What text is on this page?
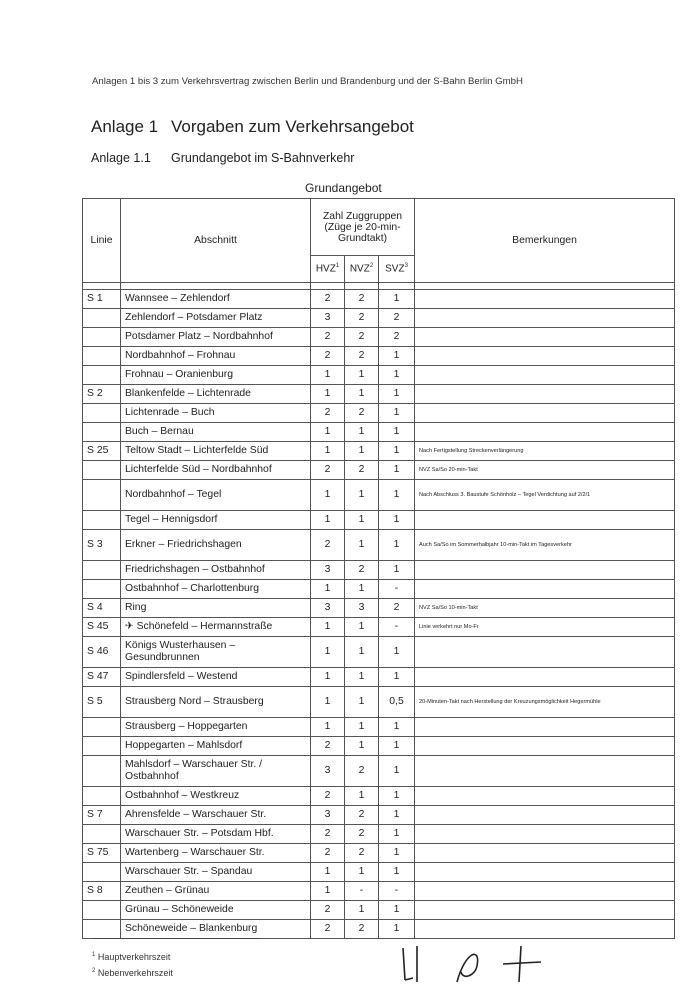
Anlagen 1 bis 3 zum Verkehrsvertrag zwischen Berlin und Brandenburg und der S-Bahn Berlin GmbH
Anlage 1 Vorgaben zum Verkehrsangebot
Anlage 1.1 Grundangebot im S-Bahnverkehr
Grundangebot
Linie	Abschnitt	Zahl Zuggruppen (Züge je 20-min-Grundtakt)			Bemerkungen
		HVZ$^1$	NVZ$^2$	SVZ$^3$

S 1	Wannsee – Zehlendorf	2	2	1	
	Zehlendorf – Potsdamer Platz	3	2	2	
	Potsdamer Platz – Nordbahnhof	2	2	2	
	Nordbahnhof – Frohnau	2	2	1	
	Frohnau – Oranienburg	1	1	1	
S 2	Blankenfelde – Lichtenrade	1	1	1	
	Lichtenrade – Buch	2	2	1	
	Buch – Bernau	1	1	1	
S 25	Teltow Stadt – Lichterfelde Süd	1	1	1	Nach Fertigstellung Streckenverlängerung
	Lichterfelde Süd – Nordbahnhof	2	2	1	NVZ Sa/So 20-min-Takt
	Nordbahnhof – Tegel	1	1	1	Nach Abschluss 3. Baustufe Schönholz – Tegel Verdichtung auf 2/2/1
	Tegel – Hennigsdorf	1	1	1	
S 3	Erkner – Friedrichshagen	2	1	1	Auch Sa/So im Sommerhalbjahr 10-min-Takt im Tagesverkehr
	Friedrichshagen – Ostbahnhof	3	2	1	
	Ostbahnhof – Charlottenburg	1	1	-	
S 4	Ring	3	3	2	NVZ Sa/So 10-min-Takt
S 45	✈ Schönefeld – Hermannstraße	1	1	-	Linie verkehrt nur Mo-Fr
S 46	Königs Wusterhausen – Gesundbrunnen	1	1	1	
S 47	Spindlersfeld – Westend	1	1	1	
S 5	Strausberg Nord – Strausberg	1	1	0,5	20-Minuten-Takt nach Herstellung der Kreuzungsmöglichkeit Hegermühle
	Strausberg – Hoppegarten	1	1	1	
	Hoppegarten – Mahlsdorf	2	1	1	
	Mahlsdorf – Warschauer Str. / Ostbahnhof	3	2	1	
	Ostbahnhof – Westkreuz	2	1	1	
S 7	Ahrensfelde – Warschauer Str.	3	2	1	
	Warschauer Str. – Potsdam Hbf.	2	2	1	
S 75	Wartenberg – Warschauer Str.	2	2	1	
	Warschauer Str. – Spandau	1	1	1	
S 8	Zeuthen – Grünau	1	-	-	
	Grünau – Schöneweide	2	1	1	
	Schöneweide – Blankenburg	2	2	1	
$^1$ Hauptverkehrszeit
$^2$ Nebenverkehrszeit
